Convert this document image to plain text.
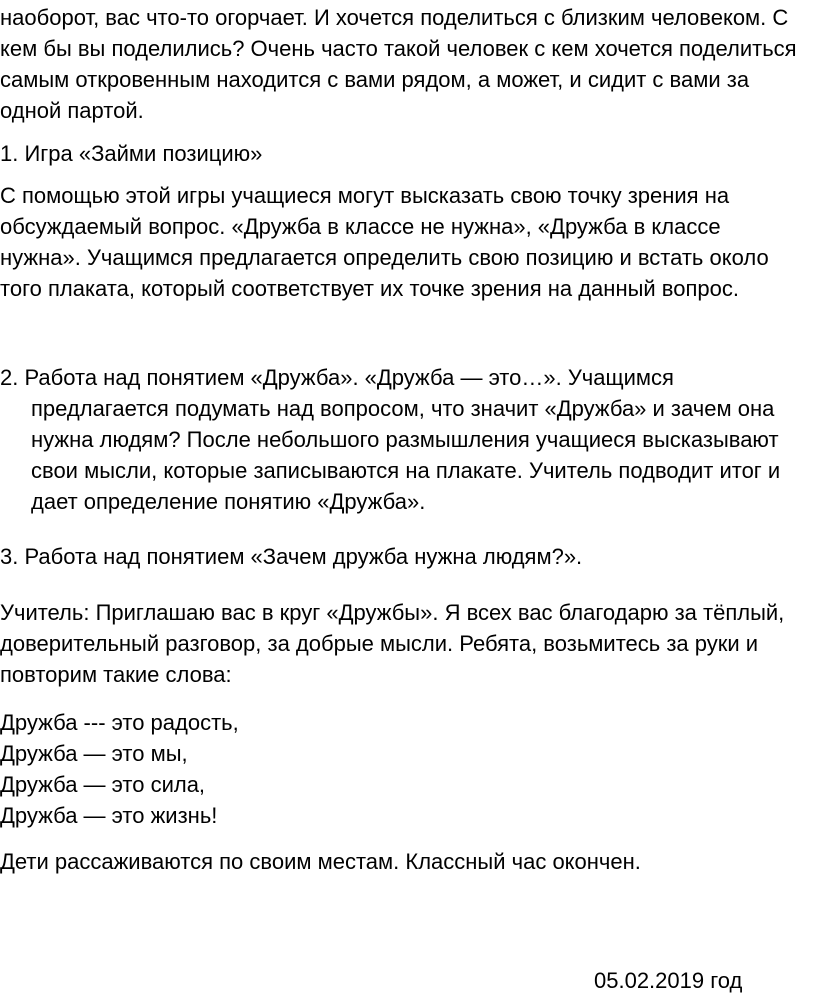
наоборот, вас что-то огорчает. И хочется поделиться с близким человеком. С кем бы вы поделились? Очень часто такой человек с кем хочется поделиться самым откровенным находится с вами рядом, а может, и сидит с вами за одной партой.

1. Игра «Займи позицию»

С помощью этой игры учащиеся могут высказать свою точку зрения на обсуждаемый вопрос. «Дружба в классе не нужна», «Дружба в классе нужна». Учащимся предлагается определить свою позицию и встать около того плаката, который соответствует их точке зрения на данный вопрос.

2. Работа над понятием «Дружба». «Дружба — это…». Учащимся предлагается подумать над вопросом, что значит «Дружба» и зачем она нужна людям? После небольшого размышления учащиеся высказывают свои мысли, которые записываются на плакате. Учитель подводит итог и дает определение понятию «Дружба».

3. Работа над понятием «Зачем дружба нужна людям?».

Учитель: Приглашаю вас в круг «Дружбы». Я всех вас благодарю за тёплый, доверительный разговор, за добрые мысли. Ребята, возьмитесь за руки и повторим такие слова:

Дружба --- это радость,
Дружба — это мы,
Дружба — это сила,
Дружба — это жизнь!

Дети рассаживаются по своим местам. Классный час окончен.

05.02.2019 год
